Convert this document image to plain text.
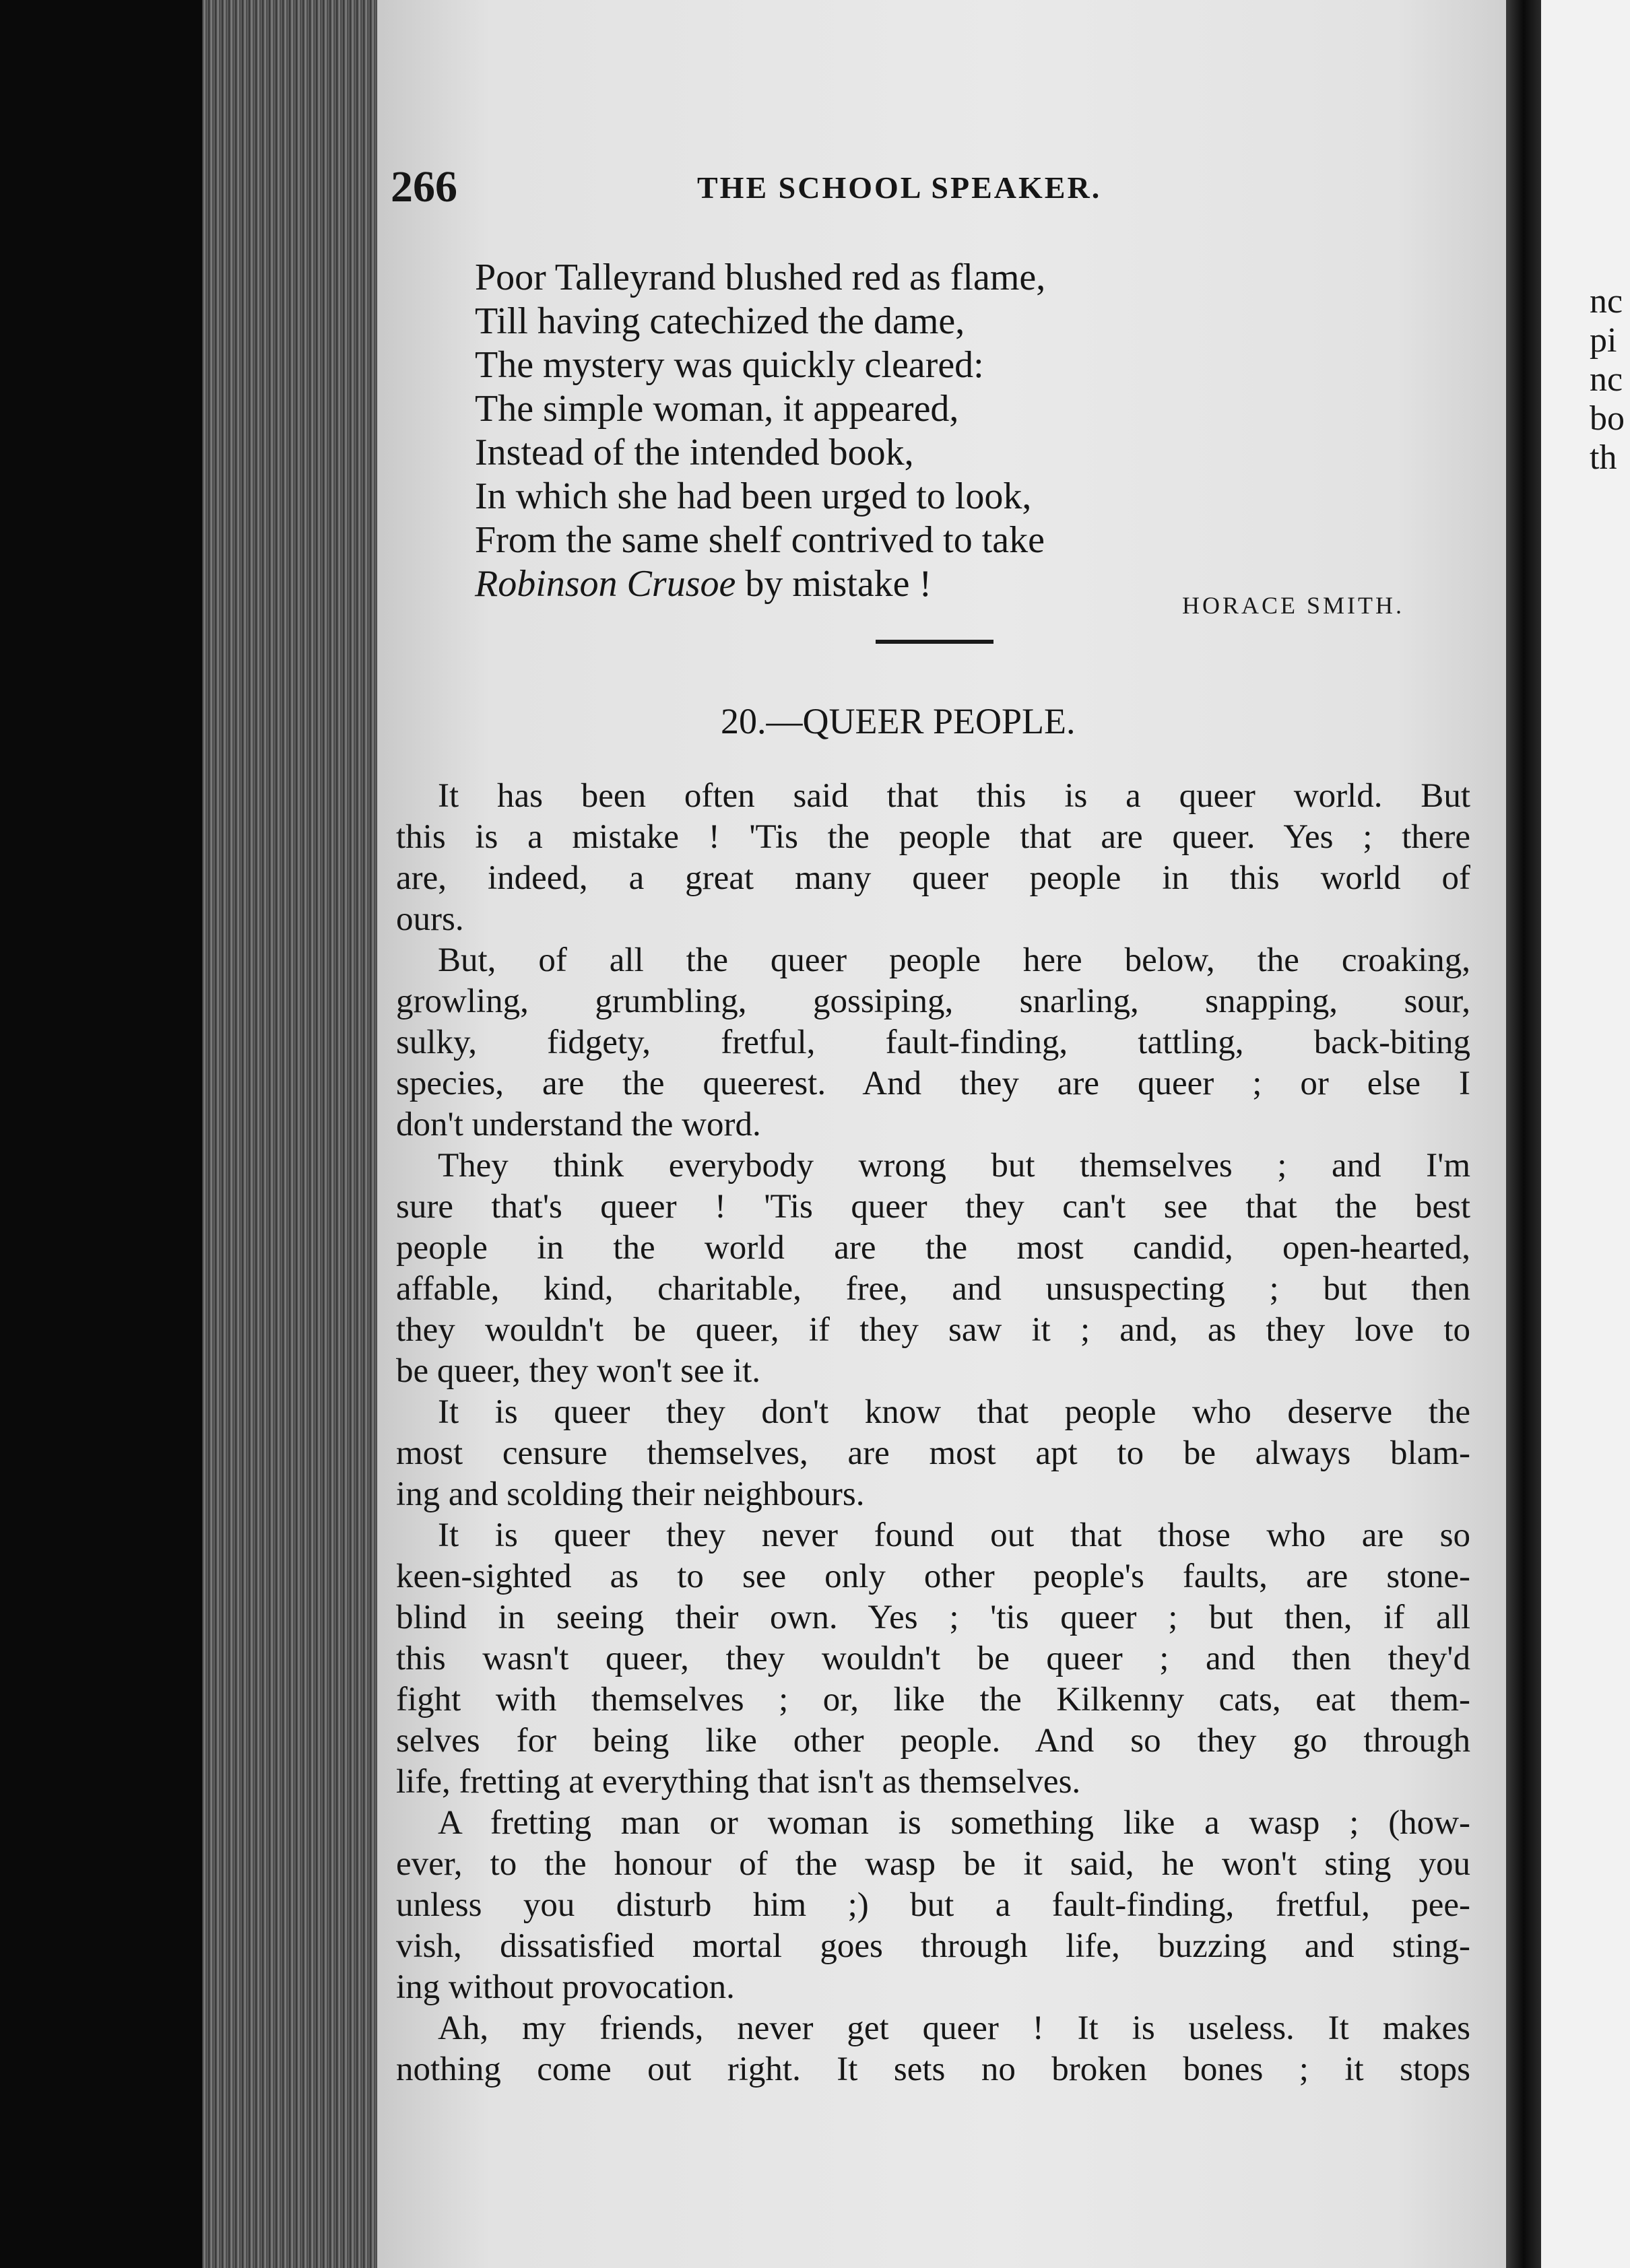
nc
pi
nc
bo
th
266	THE SCHOOL SPEAKER.
Poor Talleyrand blushed red as flame,
Till having catechized the dame,
The mystery was quickly cleared:
The simple woman, it appeared,
Instead of the intended book,
In which she had been urged to look,
From the same shelf contrived to take
Robinson Crusoe by mistake !
HORACE SMITH.
20.—QUEER PEOPLE.
It has been often said that this is a queer world. But
this is a mistake ! 'Tis the people that are queer. Yes ; there
are, indeed, a great many queer people in this world of
ours.
But, of all the queer people here below, the croaking,
growling, grumbling, gossiping, snarling, snapping, sour,
sulky, fidgety, fretful, fault-finding, tattling, back-biting
species, are the queerest. And they are queer ; or else I
don't understand the word.
They think everybody wrong but themselves ; and I'm
sure that's queer ! 'Tis queer they can't see that the best
people in the world are the most candid, open-hearted,
affable, kind, charitable, free, and unsuspecting ; but then
they wouldn't be queer, if they saw it ; and, as they love to
be queer, they won't see it.
It is queer they don't know that people who deserve the
most censure themselves, are most apt to be always blam-
ing and scolding their neighbours.
It is queer they never found out that those who are so
keen-sighted as to see only other people's faults, are stone-
blind in seeing their own. Yes ; 'tis queer ; but then, if all
this wasn't queer, they wouldn't be queer ; and then they'd
fight with themselves ; or, like the Kilkenny cats, eat them-
selves for being like other people. And so they go through
life, fretting at everything that isn't as themselves.
A fretting man or woman is something like a wasp ; (how-
ever, to the honour of the wasp be it said, he won't sting you
unless you disturb him ;) but a fault-finding, fretful, pee-
vish, dissatisfied mortal goes through life, buzzing and sting-
ing without provocation.
Ah, my friends, never get queer ! It is useless. It makes
nothing come out right. It sets no broken bones ; it stops
